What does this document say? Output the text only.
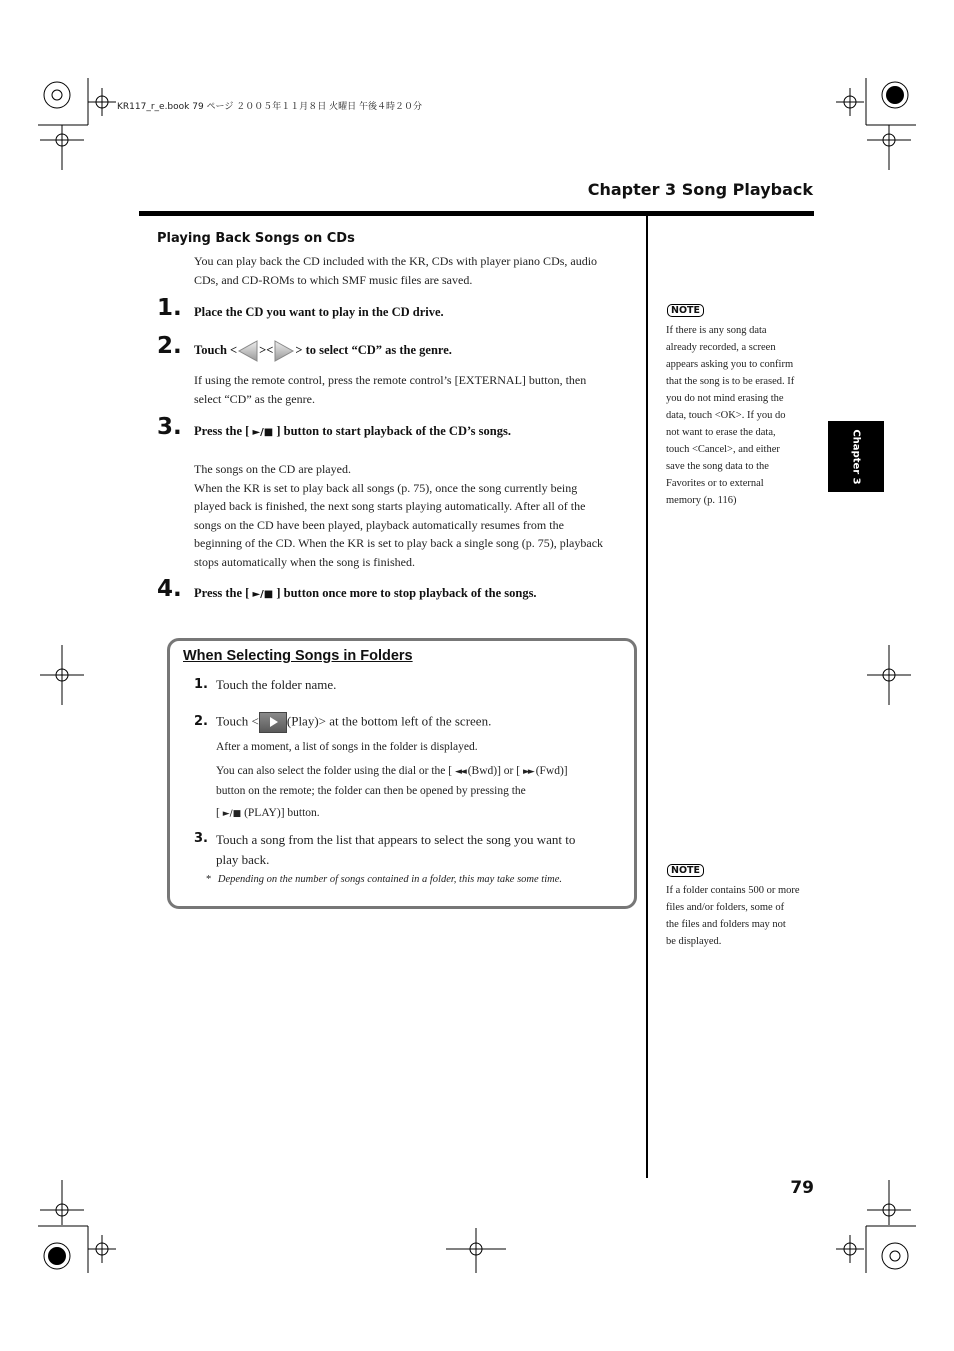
KR117_r_e.book 79 ページ ２００５年１１月８日 火曜日 午後４時２０分
Chapter 3 Song Playback
Chapter 3
Playing Back Songs on CDs
You can play back the CD included with the KR, CDs with player piano CDs, audio
CDs, and CD-ROMs to which SMF music files are saved.
1. Place the CD you want to play in the CD drive.
2. Touch < >< > to select “CD” as the genre.
If using the remote control, press the remote control’s [EXTERNAL] button, then
select “CD” as the genre.
3. Press the [ ►/■ ] button to start playback of the CD’s songs.
The songs on the CD are played.
When the KR is set to play back all songs (p. 75), once the song currently being
played back is finished, the next song starts playing automatically. After all of the
songs on the CD have been played, playback automatically resumes from the
beginning of the CD. When the KR is set to play back a single song (p. 75), playback
stops automatically when the song is finished.
4. Press the [ ►/■ ] button once more to stop playback of the songs.
When Selecting Songs in Folders
1. Touch the folder name.
2. Touch < (Play)> at the bottom left of the screen.
After a moment, a list of songs in the folder is displayed.
You can also select the folder using the dial or the [ ◄◄ (Bwd)] or [ ►► (Fwd)]
button on the remote; the folder can then be opened by pressing the
[ ►/■ (PLAY)] button.
3. Touch a song from the list that appears to select the song you want to
play back.
* Depending on the number of songs contained in a folder, this may take some time.
NOTE
If there is any song data
already recorded, a screen
appears asking you to confirm
that the song is to be erased. If
you do not mind erasing the
data, touch <OK>. If you do
not want to erase the data,
touch <Cancel>, and either
save the song data to the
Favorites or to external
memory (p. 116)
NOTE
If a folder contains 500 or more
files and/or folders, some of
the files and folders may not
be displayed.
79
